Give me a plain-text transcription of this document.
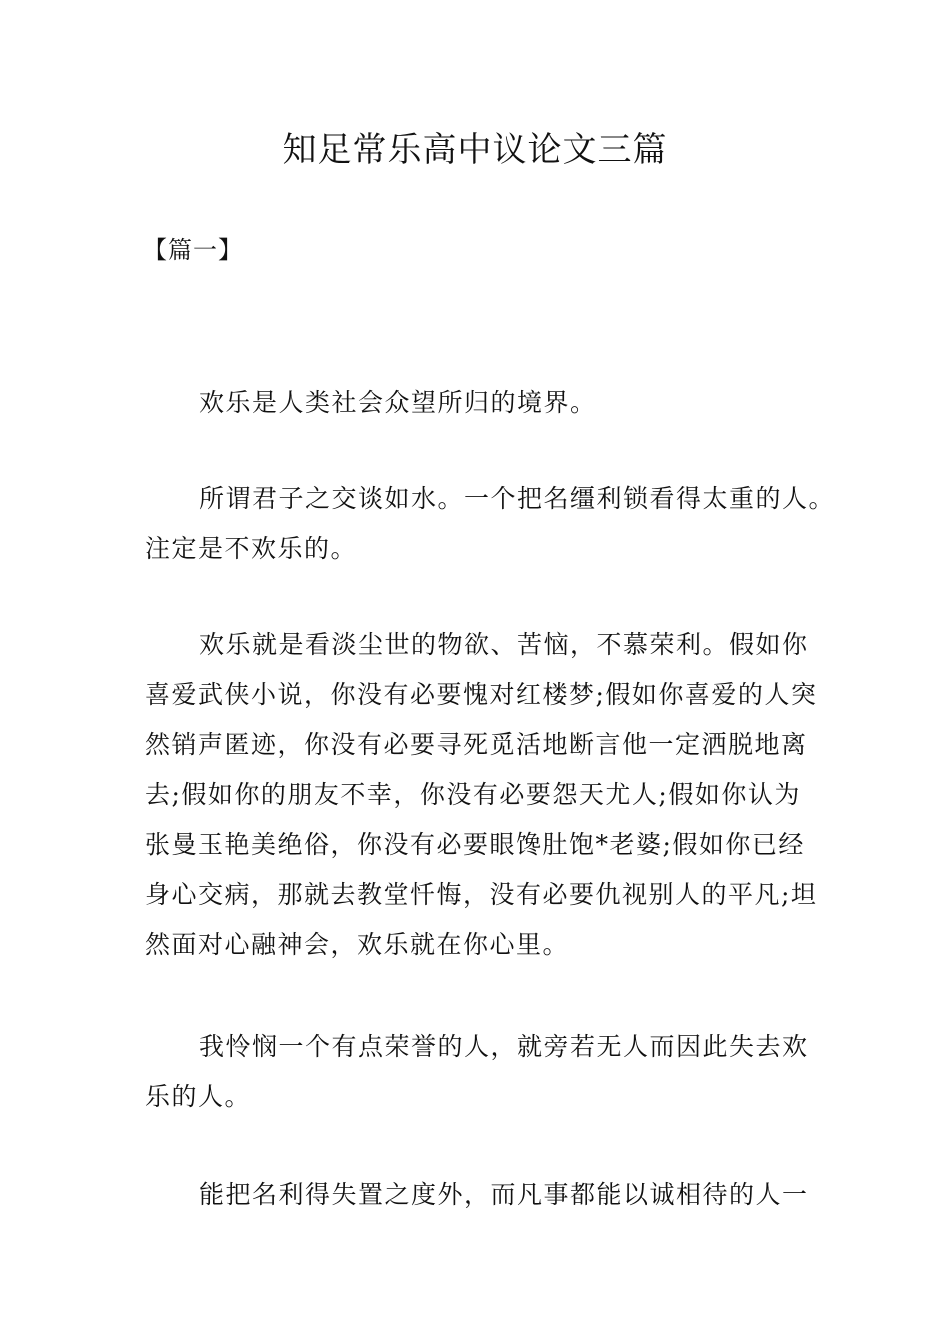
知足常乐高中议论文三篇
【篇一】
欢乐是人类社会众望所归的境界。
所谓君子之交谈如水。一个把名缰利锁看得太重的人。
注定是不欢乐的。
欢乐就是看淡尘世的物欲、苦恼，不慕荣利。假如你
喜爱武侠小说，你没有必要愧对红楼梦;假如你喜爱的人突
然销声匿迹，你没有必要寻死觅活地断言他一定洒脱地离
去;假如你的朋友不幸，你没有必要怨天尤人;假如你认为
张曼玉艳美绝俗，你没有必要眼馋肚饱*老婆;假如你已经
身心交病，那就去教堂忏悔，没有必要仇视别人的平凡;坦
然面对心融神会，欢乐就在你心里。
我怜悯一个有点荣誉的人，就旁若无人而因此失去欢
乐的人。
能把名利得失置之度外，而凡事都能以诚相待的人一
